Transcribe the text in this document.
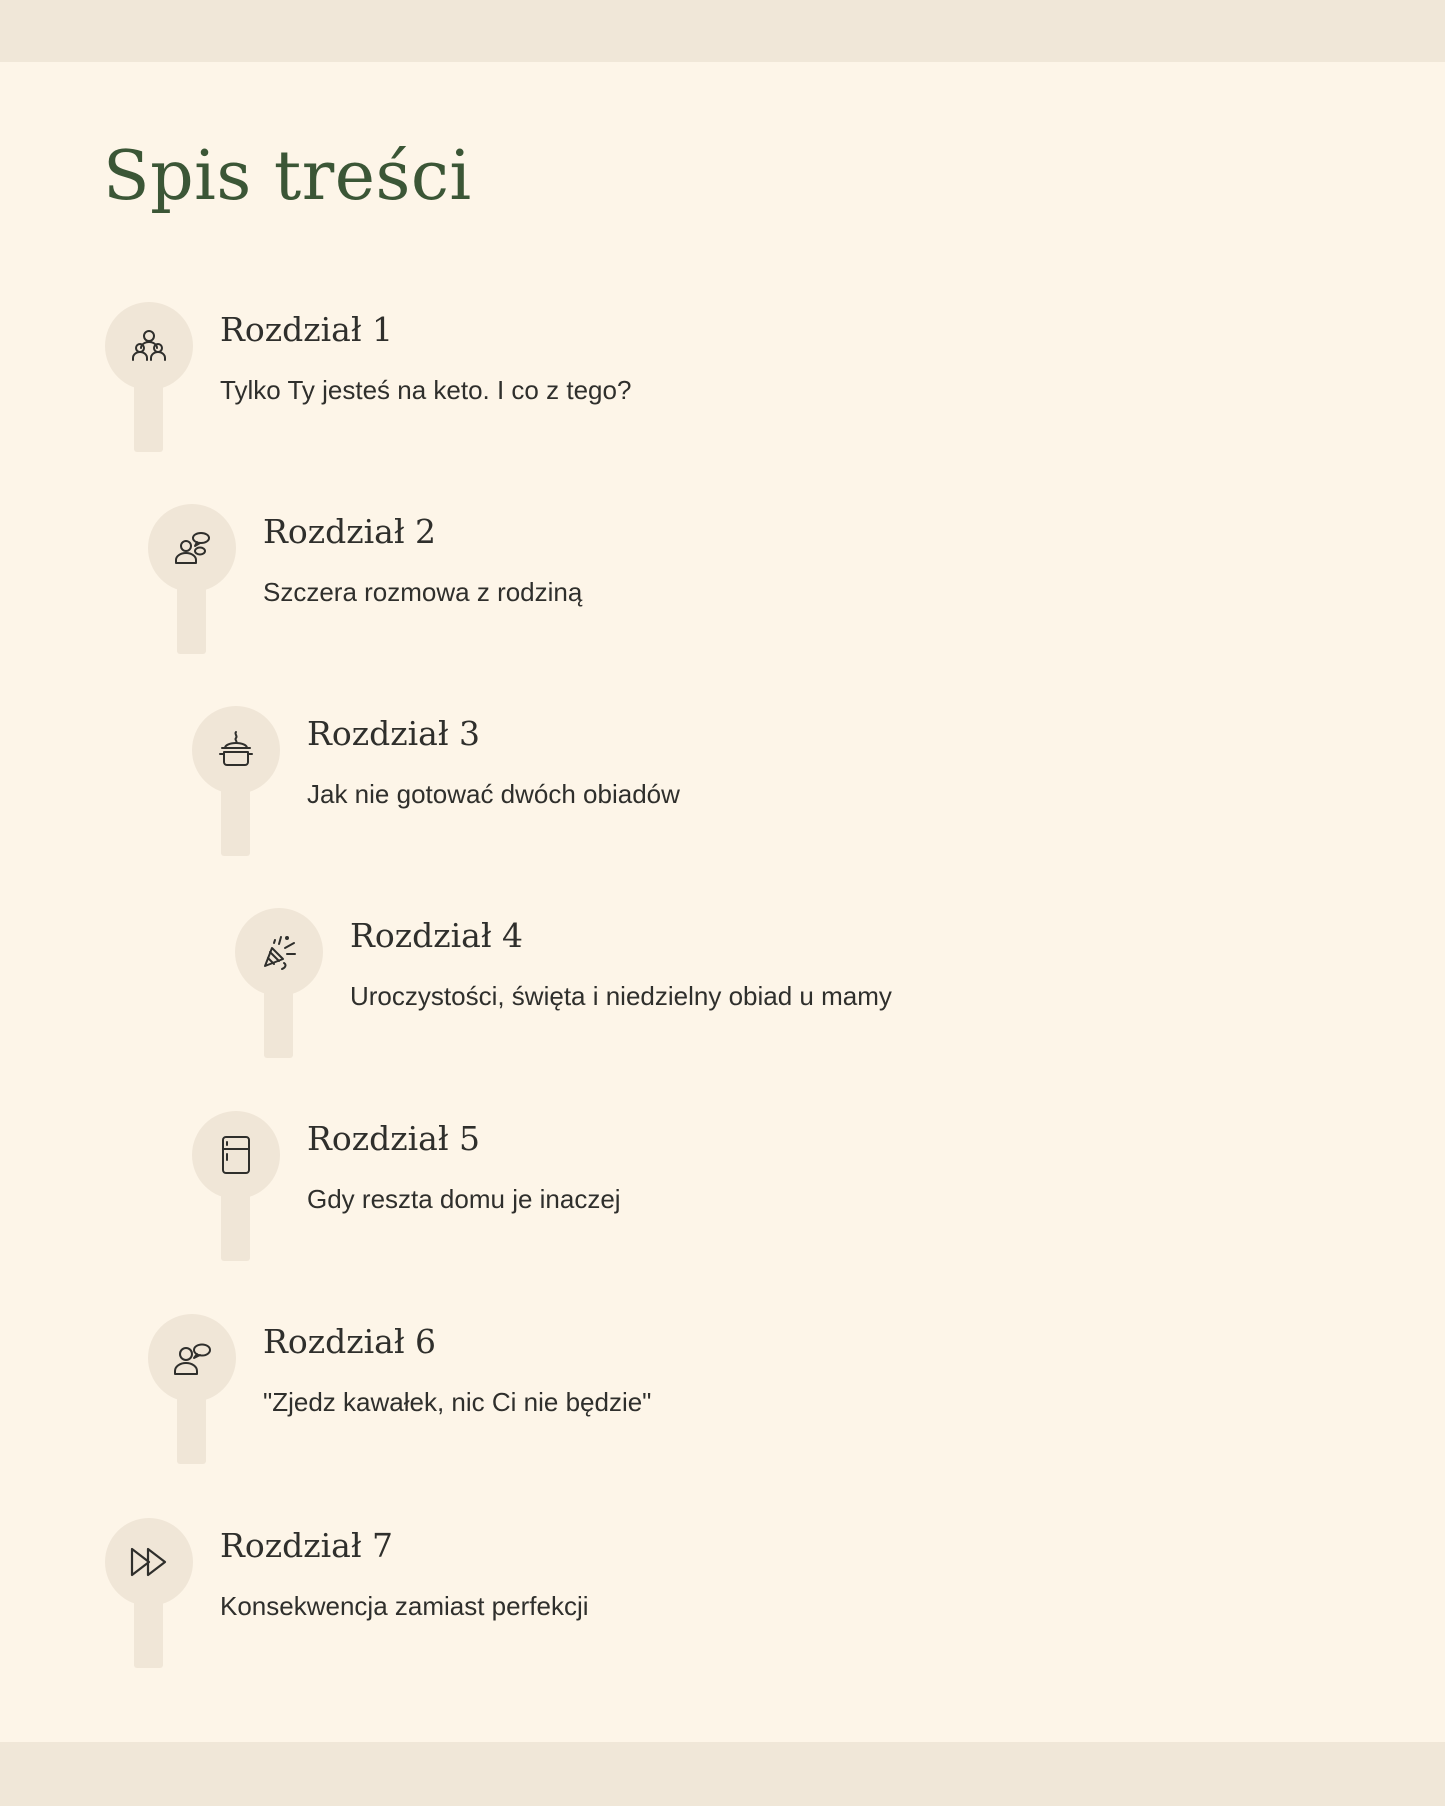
Spis treści
Rozdział 1

Tylko Ty jesteś na keto. I co z tego?

Rozdział 2

Szczera rozmowa z rodziną

Rozdział 3

Jak nie gotować dwóch obiadów

Rozdział 4

Uroczystości, święta i niedzielny obiad u mamy

Rozdział 5

Gdy reszta domu je inaczej

Rozdział 6

"Zjedz kawałek, nic Ci nie będzie"

Rozdział 7

Konsekwencja zamiast perfekcji
